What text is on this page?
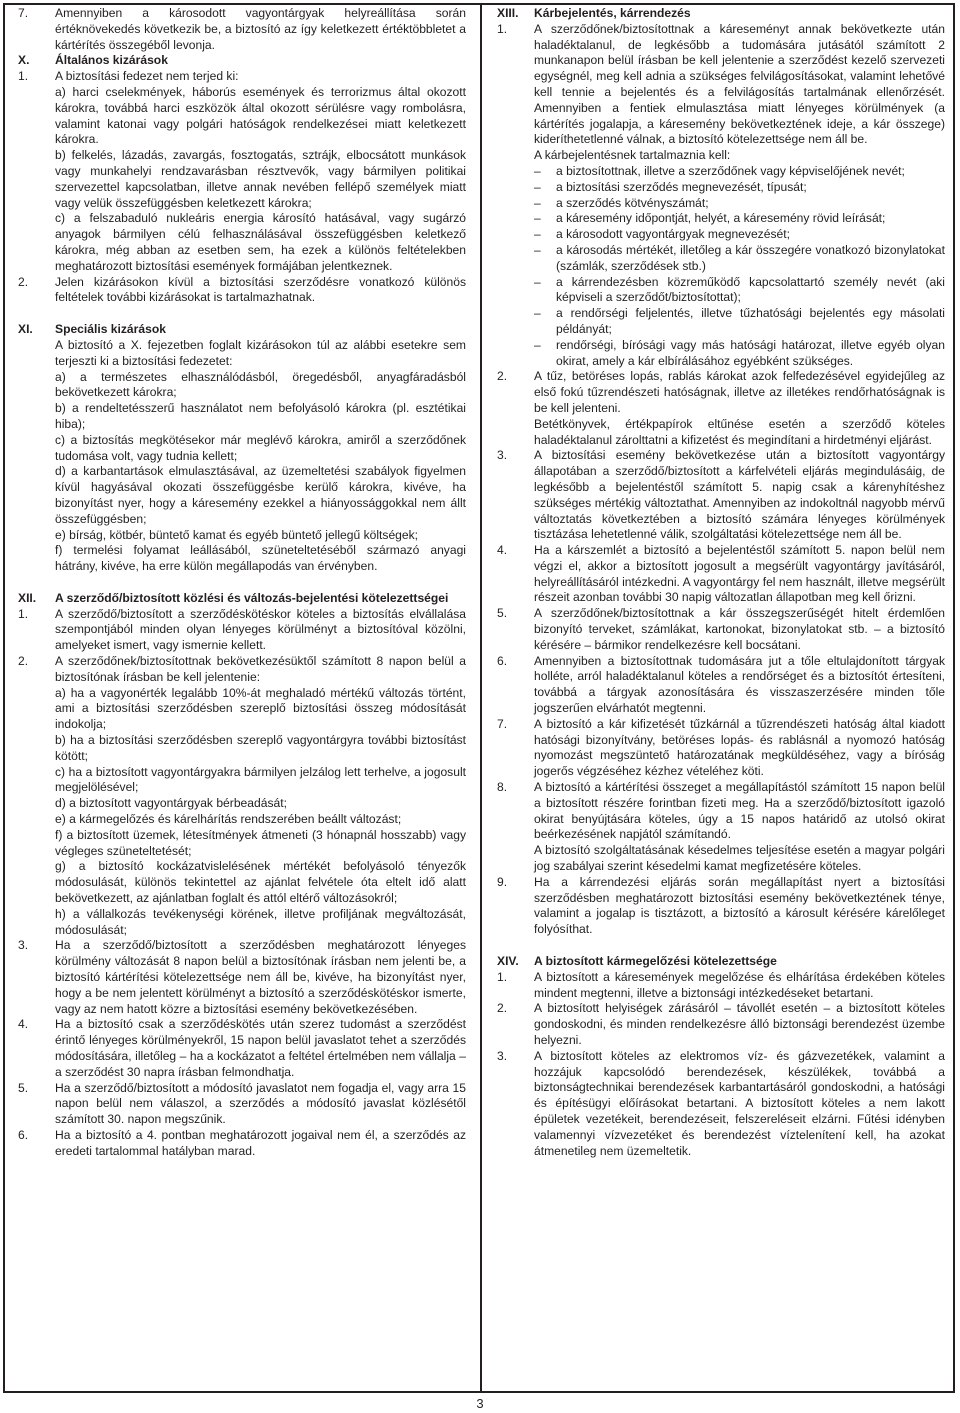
7.	Amennyiben a károsodott vagyontárgyak helyreállítása során értéknövekedés következik be, a biztosító az így keletkezett értéktöbbletet a kártérítés összegéből levonja.
X.	Általános kizárások
1.	A biztosítási fedezet nem terjed ki:
a) harci cselekmények, háborús események és terrorizmus által okozott károkra, továbbá harci eszközök által okozott sérülésre vagy rombolásra, valamint katonai vagy polgári hatóságok rendelkezései miatt keletkezett károkra.
b) felkelés, lázadás, zavargás, fosztogatás, sztrájk, elbocsátott munkások vagy munkahelyi rendzavarásban résztvevők, vagy bármilyen politikai szervezettel kapcsolatban, illetve annak nevében fellépő személyek miatt vagy velük összefüggésben keletkezett károkra;
c) a felszabaduló nukleáris energia károsító hatásával, vagy sugárzó anyagok bármilyen célú felhasználásával összefüggésben keletkező károkra, még abban az esetben sem, ha ezek a különös feltételekben meghatározott biztosítási események formájában jelentkeznek.
2.	Jelen kizárásokon kívül a biztosítási szerződésre vonatkozó különös feltételek további kizárásokat is tartalmazhatnak.
XI.	Speciális kizárások
A biztosító a X. fejezetben foglalt kizárásokon túl az alábbi esetekre sem terjeszti ki a biztosítási fedezetet:
a) a természetes elhasználódásból, öregedésből, anyagfáradásból bekövetkezett károkra;
b) a rendeltetésszerű használatot nem befolyásoló károkra (pl. esztétikai hiba);
c) a biztosítás megkötésekor már meglévő károkra, amiről a szerződőnek tudomása volt, vagy tudnia kellett;
d) a karbantartások elmulasztásával, az üzemeltetési szabályok figyelmen kívül hagyásával okozati összefüggésbe kerülő károkra, kivéve, ha bizonyítást nyer, hogy a káresemény ezekkel a hiányossággokkal nem állt összefüggésben;
e) bírság, kötbér, büntető kamat és egyéb büntető jellegű költségek;
f) termelési folyamat leállásából, szüneteltetéséből származó anyagi hátrány, kivéve, ha erre külön megállapodás van érvényben.
XII.	A szerződő/biztosított közlési és változás-bejelentési kötelezettségei
1.	A szerződő/biztosított a szerződéskötéskor köteles a biztosítás elvállalása szempontjából minden olyan lényeges körülményt a biztosítóval közölni, amelyeket ismert, vagy ismernie kellett.
2.	A szerződőnek/biztosítottnak bekövetkezésüktől számított 8 napon belül a biztosítónak írásban be kell jelentenie:
a) ha a vagyonérték legalább 10%-át meghaladó mértékű változás történt, ami a biztosítási szerződésben szereplő biztosítási összeg módosítását indokolja;
b) ha a biztosítási szerződésben szereplő vagyontárgyra további biztosítást kötött;
c) ha a biztosított vagyontárgyakra bármilyen jelzálog lett terhelve, a jogosult megjelölésével;
d) a biztosított vagyontárgyak bérbeadását;
e) a kármegelőzés és kárelhárítás rendszerében beállt változást;
f) a biztosított üzemek, létesítmények átmeneti (3 hónapnál hosszabb) vagy végleges szüneteltetését;
g) a biztosító kockázatvislelésének mértékét befolyásoló tényezők módosulását, különös tekintettel az ajánlat felvétele óta eltelt idő alatt bekövetkezett, az ajánlatban foglalt és attól eltérő változásokról;
h) a vállalkozás tevékenységi körének, illetve profiljának megváltozását, módosulását;
3.	Ha a szerződő/biztosított a szerződésben meghatározott lényeges körülmény változását 8 napon belül a biztosítónak írásban nem jelenti be, a biztosító kártérítési kötelezettsége nem áll be, kivéve, ha bizonyítást nyer, hogy a be nem jelentett körülményt a biztosító a szerződéskötéskor ismerte, vagy az nem hatott közre a biztosítási esemény bekövetkezésében.
4.	Ha a biztosító csak a szerződéskötés után szerez tudomást a szerződést érintő lényeges körülményekről, 15 napon belül javaslatot tehet a szerződés módosítására, illetőleg – ha a kockázatot a feltétel értelmében nem vállalja – a szerződést 30 napra írásban felmondhatja.
5.	Ha a szerződő/biztosított a módosító javaslatot nem fogadja el, vagy arra 15 napon belül nem válaszol, a szerződés a módosító javaslat közlésétől számított 30. napon megszűnik.
6.	Ha a biztosító a 4. pontban meghatározott jogaival nem él, a szerződés az eredeti tartalommal hatályban marad.
XIII.	Kárbejelentés, kárrendezés
1.	A szerződőnek/biztosítottnak a káreseményt annak bekövetkezte után haladéktalanul, de legkésőbb a tudomására jutásától számított 2 munkanapon belül írásban be kell jelentenie a szerződést kezelő szervezeti egységnél, meg kell adnia a szükséges felvilágosításokat, valamint lehetővé kell tennie a bejelentés és a felvilágosítás tartalmának ellenőrzését. Amennyiben a fentiek elmulasztása miatt lényeges körülmények (a kártérítés jogalapja, a káresemény bekövetkeztének ideje, a kár összege) kideríthetetlenné válnak, a biztosító kötelezettsége nem áll be.
A kárbejelentésnek tartalmaznia kell:
–	a biztosítottnak, illetve a szerződőnek vagy képviselőjének nevét;
–	a biztosítási szerződés megnevezését, típusát;
–	a szerződés kötvényszámát;
–	a káresemény időpontját, helyét, a káresemény rövid leírását;
–	a károsodott vagyontárgyak megnevezését;
–	a károsodás mértékét, illetőleg a kár összegére vonatkozó bizonylatokat (számlák, szerződések stb.)
–	a kárrendezésben közreműködő kapcsolattartó személy nevét (aki képviseli a szerződőt/biztosítottat);
–	a rendőrségi feljelentés, illetve tűzhatósági bejelentés egy másolati példányát;
–	rendőrségi, bírósági vagy más hatósági határozat, illetve egyéb olyan okirat, amely a kár elbírálásához egyébként szükséges.
2.	A tűz, betöréses lopás, rablás károkat azok felfedezésével egyidejűleg az első fokú tűzrendészeti hatóságnak, illetve az illetékes rendőrhatóságnak is be kell jelenteni.
Betétkönyvek, értékpapírok eltűnése esetén a szerződő köteles haladéktalanul zárolttatni a kifizetést és megindítani a hirdetményi eljárást.
3.	A biztosítási esemény bekövetkezése után a biztosított vagyontárgy állapotában a szerződő/biztosított a kárfelvételi eljárás megindulásáig, de legkésőbb a bejelentéstől számított 5. napig csak a kárenyhítéshez szükséges mértékig változtathat. Amennyiben az indokoltnál nagyobb mérvű változtatás következtében a biztosító számára lényeges körülmények tisztázása lehetetlenné válik, szolgáltatási kötelezettsége nem áll be.
4.	Ha a kárszemlét a biztosító a bejelentéstől számított 5. napon belül nem végzi el, akkor a biztosított jogosult a megsérült vagyontárgy javításáról, helyreállításáról intézkedni. A vagyontárgy fel nem használt, illetve megsérült részeit azonban további 30 napig változatlan állapotban meg kell őrizni.
5.	A szerződőnek/biztosítottnak a kár összegszerűségét hitelt érdemlően bizonyító terveket, számlákat, kartonokat, bizonylatokat stb. – a biztosító kérésére – bármikor rendelkezésre kell bocsátani.
6.	Amennyiben a biztosítottnak tudomására jut a tőle eltulajdonított tárgyak holléte, arról haladéktalanul köteles a rendőrséget és a biztosítót értesíteni, továbbá a tárgyak azonosítására és visszaszerzésére minden tőle jogszerűen elvárhatót megtenni.
7.	A biztosító a kár kifizetését tűzkárnál a tűzrendészeti hatóság által kiadott hatósági bizonyítvány, betöréses lopás- és rablásnál a nyomozó hatóság nyomozást megszüntető határozatának megküldéséhez, vagy a bíróság jogerős végzéséhez kézhez vételéhez köti.
8.	A biztosító a kártérítési összeget a megállapítástól számított 15 napon belül a biztosított részére forintban fizeti meg. Ha a szerződő/biztosított igazoló okirat benyújtására köteles, úgy a 15 napos határidő az utolsó okirat beérkezésének napjától számítandó.
A biztosító szolgáltatásának késedelmes teljesítése esetén a magyar polgári jog szabályai szerint késedelmi kamat megfizetésére köteles.
9.	Ha a kárrendezési eljárás során megállapítást nyert a biztosítási szerződésben meghatározott biztosítási esemény bekövetkeztének ténye, valamint a jogalap is tisztázott, a biztosító a károsult kérésére kárelőleget folyósíthat.
XIV.	A biztosított kármegelőzési kötelezettsége
1.	A biztosított a káresemények megelőzése és elhárítása érdekében köteles mindent megtenni, illetve a biztonsági intézkedéseket betartani.
2.	A biztosított helyiségek zárásáról – távollét esetén – a biztosított köteles gondoskodni, és minden rendelkezésre álló biztonsági berendezést üzembe helyezni.
3.	A biztosított köteles az elektromos víz- és gázvezetékek, valamint a hozzájuk kapcsolódó berendezések, készülékek, továbbá a biztonságtechnikai berendezések karbantartásáról gondoskodni, a hatósági és építésügyi előírásokat betartani. A biztosított köteles a nem lakott épületek vezetékeit, berendezéseit, felszereléseit elzárni. Fűtési idényben valamennyi vízvezetéket és berendezést víztelenítení kell, ha azokat átmenetileg nem üzemeltetik.
3
